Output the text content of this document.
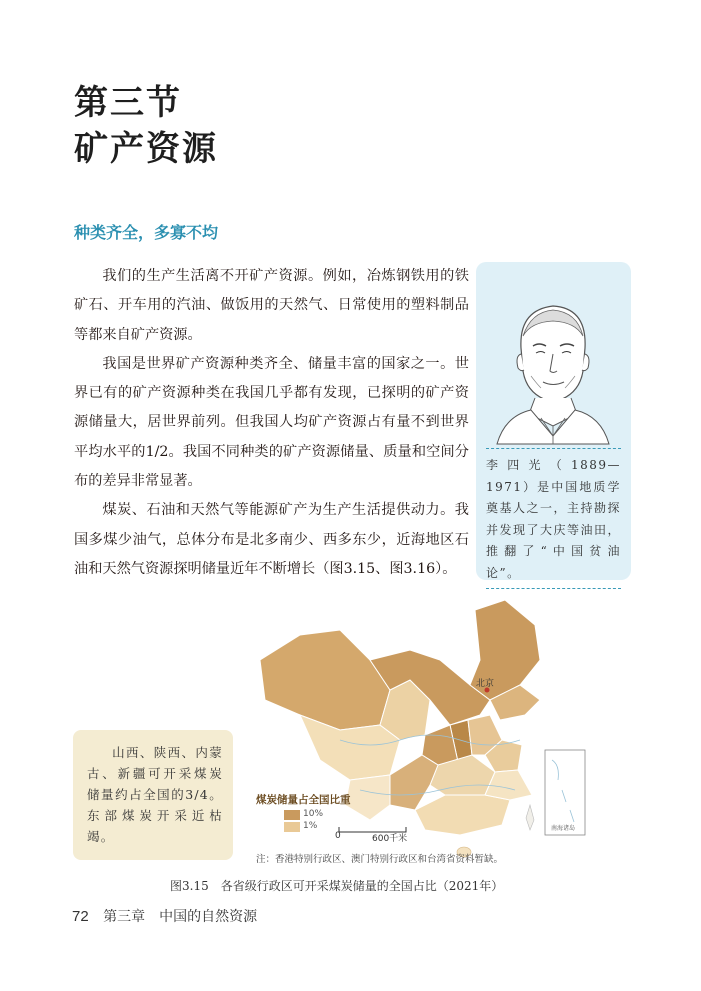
第三节
矿产资源
种类齐全，多寡不均

我们的生产生活离不开矿产资源。例如，冶炼钢铁用的铁矿石、开车用的汽油、做饭用的天然气、日常使用的塑料制品等都来自矿产资源。

我国是世界矿产资源种类齐全、储量丰富的国家之一。世界已有的矿产资源种类在我国几乎都有发现，已探明的矿产资源储量大，居世界前列。但我国人均矿产资源占有量不到世界平均水平的1/2。我国不同种类的矿产资源储量、质量和空间分布的差异非常显著。

煤炭、石油和天然气等能源矿产为生产生活提供动力。我国多煤少油气，总体分布是北多南少、西多东少，近海地区石油和天然气资源探明储量近年不断增长（图3.15、图3.16）。

李四光（1889—1971）是中国地质学奠基人之一，主持勘探并发现了大庆等油田，推翻了“中国贫油论”。

山西、陕西、内蒙古、新疆可开采煤炭储量约占全国的3/4。东部煤炭开采近枯竭。

北京
南海诸岛
煤炭储量占全国比重
10%
1%
0	600千米
注：香港特别行政区、澳门特别行政区和台湾省资料暂缺。
图3.15　各省级行政区可开采煤炭储量的全国占比（2021年）
72 第三章　中国的自然资源
